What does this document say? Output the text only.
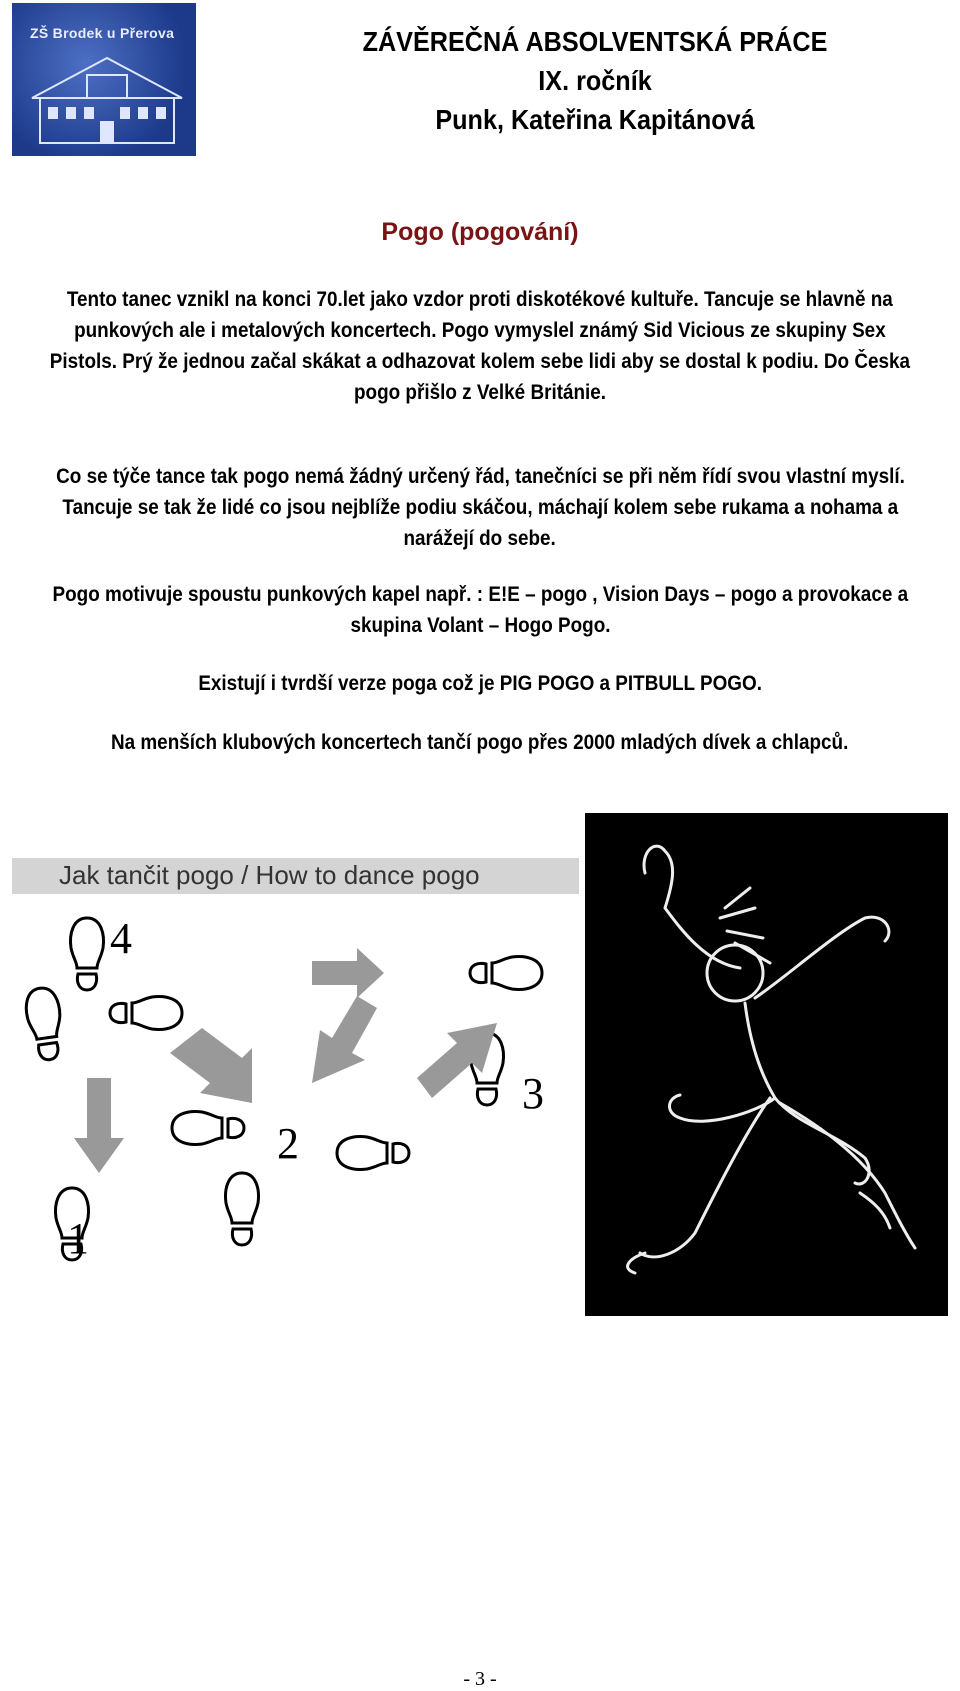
ZŠ Brodek u Přerova	ZÁVĚREČNÁ ABSOLVENTSKÁ PRÁCE
IX. ročník
Punk, Kateřina Kapitánová
Pogo (pogování)
Tento tanec vznikl na konci 70.let jako vzdor proti diskotékové kultuře. Tancuje se hlavně na
punkových ale i metalových koncertech. Pogo vymyslel známý Sid Vicious ze skupiny Sex
Pistols. Prý že jednou začal skákat a odhazovat kolem sebe lidi aby se dostal k podiu. Do Česka
pogo přišlo z Velké Británie.
Co se týče tance tak pogo nemá žádný určený řád, tanečníci se při něm řídí svou vlastní myslí.
Tancuje se tak že lidé co jsou nejblíže podiu skáčou, máchají kolem sebe rukama a nohama a
narážejí do sebe.
Pogo motivuje spoustu punkových kapel např. : E!E – pogo , Vision Days – pogo a provokace a
skupina Volant – Hogo Pogo.
Existují i tvrdší verze poga což je PIG POGO a PITBULL POGO.
Na menších klubových koncertech tančí pogo přes 2000 mladých dívek a chlapců.
Jak tančit pogo / How to dance pogo
4
1
2
3
- 3 -
